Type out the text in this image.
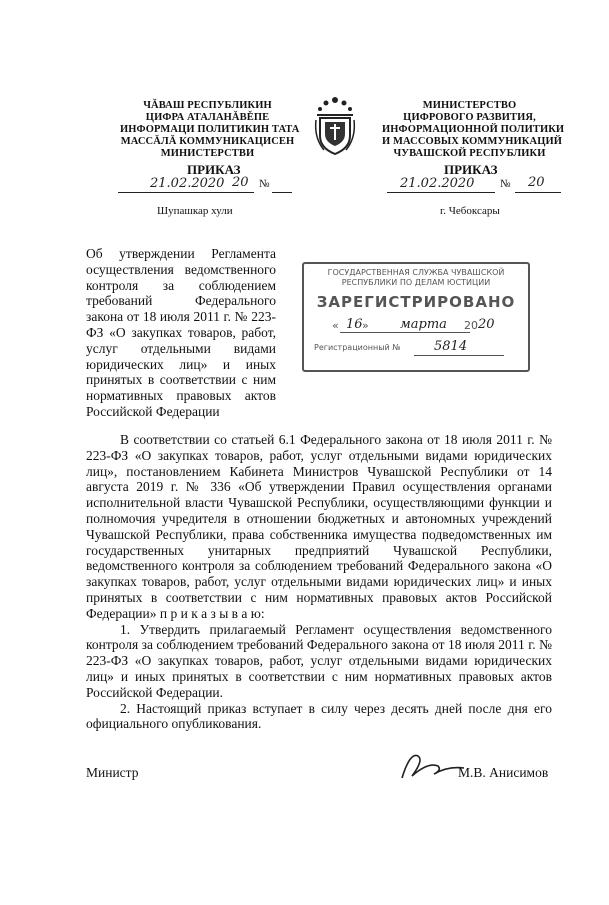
ЧĂВАШ РЕСПУБЛИКИН
ЦИФРА АТАЛАНĂВĚПЕ
ИНФОРМАЦИ ПОЛИТИКИН ТАТА
МАССĂЛĂ КОММУНИКАЦИСЕН
МИНИСТЕРСТВИ
ПРИКАЗ
21.02.2020 20 №
Шупашкар хули
МИНИСТЕРСТВО
ЦИФРОВОГО РАЗВИТИЯ,
ИНФОРМАЦИОННОЙ ПОЛИТИКИ
И МАССОВЫХ КОММУНИКАЦИЙ
ЧУВАШСКОЙ РЕСПУБЛИКИ
ПРИКАЗ
21.02.2020 № 20
г. Чебоксары
Об утверждении Регламента осуществления ведомственного контроля за соблюдением требований Федерального закона от 18 июля 2011 г. № 223-ФЗ «О закупках товаров, работ, услуг отдельными видами юридических лиц» и иных принятых в соответствии с ним нормативных правовых актов Российской Федерации
ГОСУДАРСТВЕННАЯ СЛУЖБА ЧУВАШСКОЙ
РЕСПУБЛИКИ ПО ДЕЛАМ ЮСТИЦИИ
ЗАРЕГИСТРИРОВАНО
« 16 » марта 20 20
Регистрационный №	5814

В соответствии со статьей 6.1 Федерального закона от 18 июля 2011 г. № 223-ФЗ «О закупках товаров, работ, услуг отдельными видами юридических лиц», постановлением Кабинета Министров Чувашской Республики от 14 августа 2019 г. № 336 «Об утверждении Правил осуществления органами исполнительной власти Чувашской Республики, осуществляющими функции и полномочия учредителя в отношении бюджетных и автономных учреждений Чувашской Республики, права собственника имущества подведомственных им государственных унитарных предприятий Чувашской Республики, ведомственного контроля за соблюдением требований Федерального закона «О закупках товаров, работ, услуг отдельными видами юридических лиц» и иных принятых в соответствии с ним нормативных правовых актов Российской Федерации» п р и к а з ы в а ю:

1. Утвердить прилагаемый Регламент осуществления ведомственного контроля за соблюдением требований Федерального закона от 18 июля 2011 г. № 223-ФЗ «О закупках товаров, работ, услуг отдельными видами юридических лиц» и иных принятых в соответствии с ним нормативных правовых актов Российской Федерации.

2. Настоящий приказ вступает в силу через десять дней после дня его официального опубликования.

Министр	М.В. Анисимов
